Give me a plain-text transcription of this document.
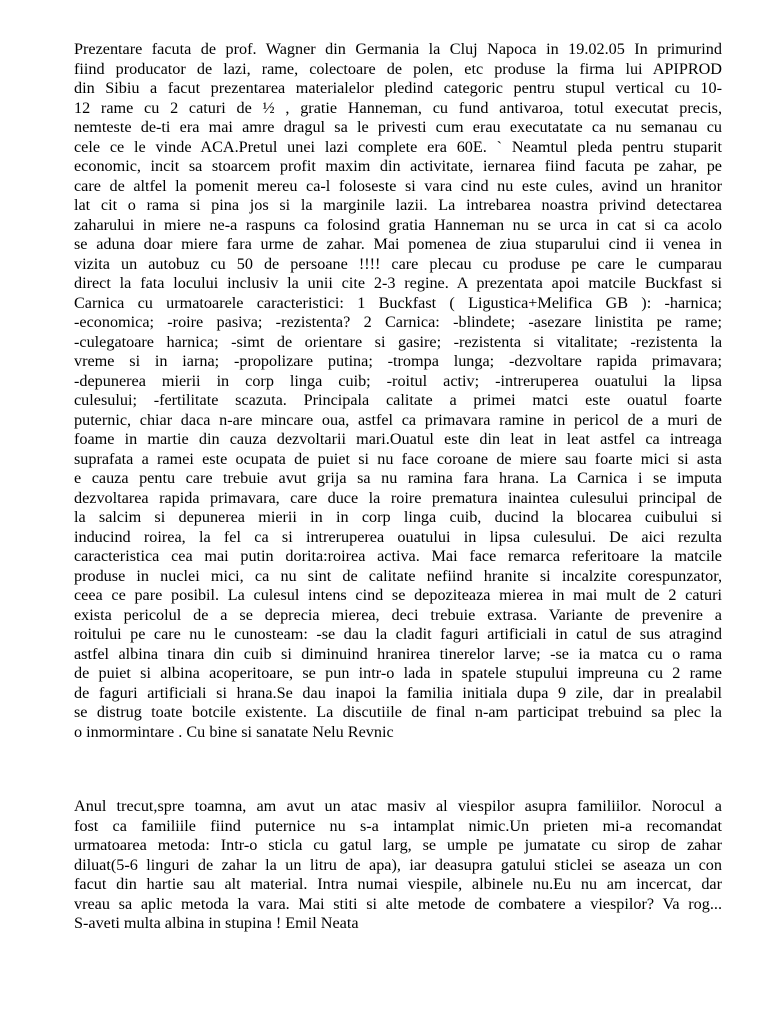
Prezentare facuta de prof. Wagner din Germania la Cluj Napoca in 19.02.05 In primurind
fiind producator de lazi, rame, colectoare de polen, etc produse la firma lui APIPROD
din Sibiu a facut prezentarea materialelor pledind categoric pentru stupul vertical cu 10-
12 rame cu 2 caturi de ½ , gratie Hanneman, cu fund antivaroa, totul executat precis,
nemteste de-ti era mai amre dragul sa le privesti cum erau executatate ca nu semanau cu
cele ce le vinde ACA.Pretul unei lazi complete era 60E. ` Neamtul pleda pentru stuparit
economic, incit sa stoarcem profit maxim din activitate, iernarea fiind facuta pe zahar, pe
care de altfel la pomenit mereu ca-l foloseste si vara cind nu este cules, avind un hranitor
lat cit o rama si pina jos si la marginile lazii. La intrebarea noastra privind detectarea
zaharului in miere ne-a raspuns ca folosind gratia Hanneman nu se urca in cat si ca acolo
se aduna doar miere fara urme de zahar. Mai pomenea de ziua stuparului cind ii venea in
vizita un autobuz cu 50 de persoane !!!! care plecau cu produse pe care le cumparau
direct la fata locului inclusiv la unii cite 2-3 regine. A prezentata apoi matcile Buckfast si
Carnica cu urmatoarele caracteristici: 1 Buckfast ( Ligustica+Melifica GB ): -harnica;
-economica; -roire pasiva; -rezistenta? 2 Carnica: -blindete; -asezare linistita pe rame;
-culegatoare harnica; -simt de orientare si gasire; -rezistenta si vitalitate; -rezistenta la
vreme si in iarna; -propolizare putina; -trompa lunga; -dezvoltare rapida primavara;
-depunerea mierii in corp linga cuib; -roitul activ; -intreruperea ouatului la lipsa
culesului; -fertilitate scazuta. Principala calitate a primei matci este ouatul foarte
puternic, chiar daca n-are mincare oua, astfel ca primavara ramine in pericol de a muri de
foame in martie din cauza dezvoltarii mari.Ouatul este din leat in leat astfel ca intreaga
suprafata a ramei este ocupata de puiet si nu face coroane de miere sau foarte mici si asta
e cauza pentu care trebuie avut grija sa nu ramina fara hrana. La Carnica i se imputa
dezvoltarea rapida primavara, care duce la roire prematura inaintea culesului principal de
la salcim si depunerea mierii in in corp linga cuib, ducind la blocarea cuibului si
inducind roirea, la fel ca si intreruperea ouatului in lipsa culesului. De aici rezulta
caracteristica cea mai putin dorita:roirea activa. Mai face remarca referitoare la matcile
produse in nuclei mici, ca nu sint de calitate nefiind hranite si incalzite corespunzator,
ceea ce pare posibil. La culesul intens cind se depoziteaza mierea in mai mult de 2 caturi
exista pericolul de a se deprecia mierea, deci trebuie extrasa. Variante de prevenire a
roitului pe care nu le cunosteam: -se dau la cladit faguri artificiali in catul de sus atragind
astfel albina tinara din cuib si diminuind hranirea tinerelor larve; -se ia matca cu o rama
de puiet si albina acoperitoare, se pun intr-o lada in spatele stupului impreuna cu 2 rame
de faguri artificiali si hrana.Se dau inapoi la familia initiala dupa 9 zile, dar in prealabil
se distrug toate botcile existente. La discutiile de final n-am participat trebuind sa plec la
o inmormintare . Cu bine si sanatate Nelu Revnic
Anul trecut,spre toamna, am avut un atac masiv al viespilor asupra familiilor. Norocul a
fost ca familiile fiind puternice nu s-a intamplat nimic.Un prieten mi-a recomandat
urmatoarea metoda: Intr-o sticla cu gatul larg, se umple pe jumatate cu sirop de zahar
diluat(5-6 linguri de zahar la un litru de apa), iar deasupra gatului sticlei se aseaza un con
facut din hartie sau alt material. Intra numai viespile, albinele nu.Eu nu am incercat, dar
vreau sa aplic metoda la vara. Mai stiti si alte metode de combatere a viespilor? Va rog...
S-aveti multa albina in stupina ! Emil Neata
